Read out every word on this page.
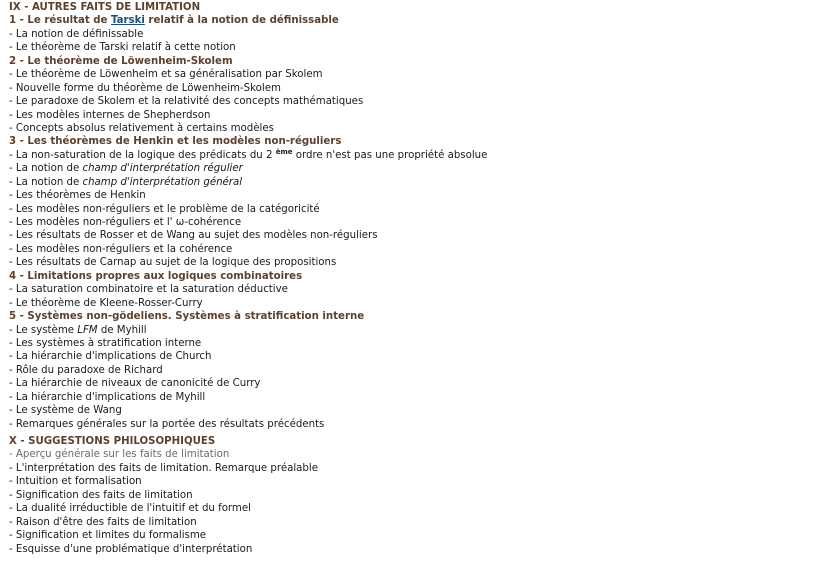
IX - AUTRES FAITS DE LIMITATION
1 - Le résultat de Tarski relatif à la notion de définissable
- La notion de définissable
- Le théorème de Tarski relatif à cette notion
2 - Le théorème de Löwenheim-Skolem
- Le théorème de Löwenheim et sa généralisation par Skolem
- Nouvelle forme du théorème de Löwenheim-Skolem
- Le paradoxe de Skolem et la relativité des concepts mathématiques
- Les modèles internes de Shepherdson
- Concepts absolus relativement à certains modèles
3 - Les théorèmes de Henkin et les modèles non-réguliers
- La non-saturation de la logique des prédicats du 2 $^{ème}$ ordre n'est pas une propriété absolue
- La notion de champ d'interprétation régulier
- La notion de champ d'interprétation général
- Les théorèmes de Henkin
- Les modèles non-réguliers et le problème de la catégoricité
- Les modèles non-réguliers et l' ω-cohérence
- Les résultats de Rosser et de Wang au sujet des modèles non-réguliers
- Les modèles non-réguliers et la cohérence
- Les résultats de Carnap au sujet de la logique des propositions
4 - Limitations propres aux logiques combinatoires
- La saturation combinatoire et la saturation déductive
- Le théorème de Kleene-Rosser-Curry
5 - Systèmes non-gödeliens. Systèmes à stratification interne
- Le système LFM de Myhill
- Les systèmes à stratification interne
- La hiérarchie d'implications de Church
- Rôle du paradoxe de Richard
- La hiérarchie de niveaux de canonicité de Curry
- La hiérarchie d'implications de Myhill
- Le système de Wang
- Remarques générales sur la portée des résultats précédents
X - SUGGESTIONS PHILOSOPHIQUES
- Aperçu générale sur les faits de limitation
- L'interprétation des faits de limitation. Remarque préalable
- Intuition et formalisation
- Signification des faits de limitation
- La dualité irréductible de l'intuitif et du formel
- Raison d'être des faits de limitation
- Signification et limites du formalisme
- Esquisse d'une problématique d'interprétation
